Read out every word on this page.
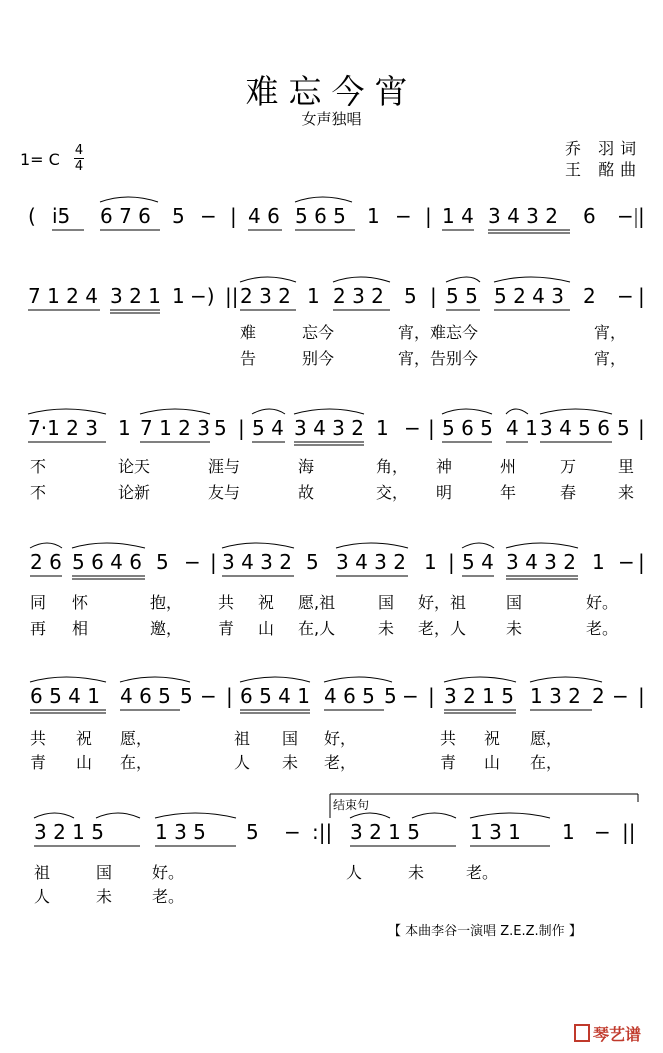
难忘今宵
女声独唱
1= C 4
4
乔 羽词
王 酩曲
( i5 6 7 6 5 − | 4 6 5 6 5 1 − | 1 4 3 4 3 2 6 − |
7 1 2 4 3 2 1 1 −) || 2 3 2 1 2 3 2 5 | 5 5 5 2 4 3 2 − |
难	忘今	宵，难忘今	宵，
告	别今	宵，告别今	宵，
7·1 2 3 1 7 1 2 3 5 | 5 4 3 4 3 2 1 − | 5 6 5 4 1 3 4 5 6 5 |
不	论天	涯与	海	角， 神	州	万	里
不	论新	友与	故	交， 明	年	春	来
2 6 5 6 4 6 5 − | 3 4 3 2 5 3 4 3 2 1 | 5 4 3 4 3 2 1 − |
同 怀	抱， 共 祝 愿,祖	国 好，祖 国	好。
再 相	邀， 青 山 在,人	未 老，人 未	老。
6 5 4 1 4 6 5 5 − | 6 5 4 1 4 6 5 5 − | 3 2 1 5 1 3 2 2 − |
共 祝 愿，	祖 国 好，	共 祝 愿，
青 山 在，	人 未 老，	青 山 在，
结束句
3 2 1 5	1 3 5 5 − :|| 3 2 1 5	1 3 1 1 − ||
祖	国 好。	人	未	老。
人	未 老。
【 本曲李谷一演唱 Z.E.Z.制作 】
琴艺谱
